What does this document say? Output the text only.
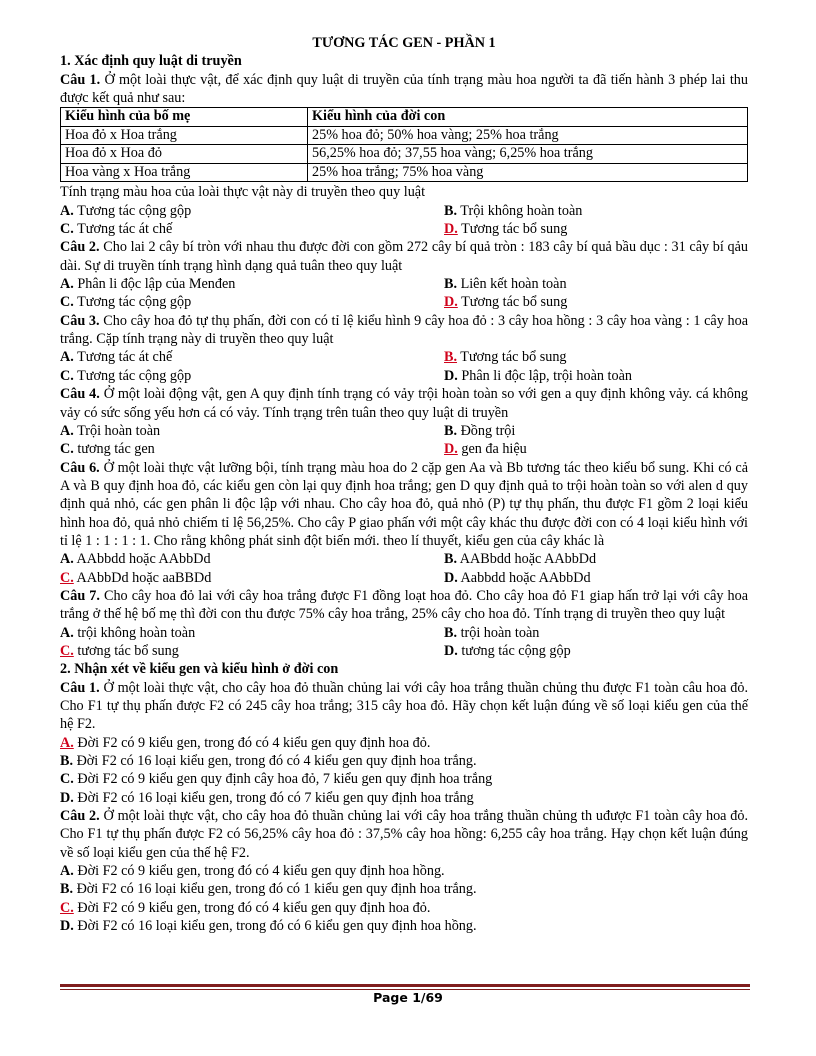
TƯƠNG TÁC GEN - PHẦN 1
1. Xác định quy luật di truyền
Câu 1. Ở một loài thực vật, để xác định quy luật di truyền của tính trạng màu hoa người ta đã tiến hành 3 phép lai thu được kết quả như sau:
Kiểu hình của bố mẹ	Kiểu hình của đời con
Hoa đỏ x Hoa trắng	25% hoa đỏ; 50% hoa vàng; 25% hoa trắng
Hoa đỏ x Hoa đỏ	56,25% hoa đỏ; 37,55 hoa vàng; 6,25% hoa trắng
Hoa vàng x Hoa trắng	25% hoa trắng; 75% hoa vàng
Tính trạng màu hoa của loài thực vật này di truyền theo quy luật
A. Tương tác cộng gộp	B. Trội không hoàn toàn
C. Tương tác át chế	D. Tương tác bổ sung
Câu 2. Cho lai 2 cây bí tròn với nhau thu được đời con gồm 272 cây bí quả tròn : 183 cây bí quả bầu dục : 31 cây bí qảu dài. Sự di truyền tính trạng hình dạng quả tuân theo quy luật
A. Phân li độc lập của Menđen	B. Liên kết hoàn toàn
C. Tương tác cộng gộp	D. Tương tác bổ sung
Câu 3. Cho cây hoa đỏ tự thụ phấn, đời con có tỉ lệ kiểu hình 9 cây hoa đỏ : 3 cây hoa hồng : 3 cây hoa vàng : 1 cây hoa trắng. Cặp tính trạng này di truyền theo quy luật
A. Tương tác át chế	B. Tương tác bổ sung
C. Tương tác cộng gộp	D. Phân li độc lập, trội hoàn toàn
Câu 4. Ở một loài động vật, gen A quy định tính trạng có vảy trội hoàn toàn so với gen a quy định không vảy. cá không vảy có sức sống yếu hơn cá có vảy. Tính trạng trên tuân theo quy luật di truyền
A. Trội hoàn toàn	B. Đồng trội
C. tương tác gen	D. gen đa hiệu
Câu 6. Ở một loài thực vật lưỡng bội, tính trạng màu hoa do 2 cặp gen Aa và Bb tương tác theo kiểu bổ sung. Khi có cả A và B quy định hoa đỏ, các kiểu gen còn lại quy định hoa trắng; gen D quy định quả to trội hoàn toàn so với alen d quy định quả nhỏ, các gen phân li độc lập với nhau. Cho cây hoa đỏ, quả nhỏ (P) tự thụ phấn, thu được F1 gồm 2 loại kiểu hình hoa đỏ, quả nhỏ chiếm tỉ lệ 56,25%. Cho cây P giao phấn với một cây khác thu được đời con có 4 loại kiểu hình với tỉ lệ 1 : 1 : 1 : 1. Cho rằng không phát sinh đột biến mới. theo lí thuyết, kiểu gen của cây khác là
A. AAbbdd hoặc AAbbDd	B. AABbdd hoặc AAbbDd
C. AAbbDd hoặc aaBBDd	D. Aabbdd hoặc AAbbDd
Câu 7. Cho cây hoa đỏ lai với cây hoa trắng được F1 đồng loạt hoa đỏ. Cho cây hoa đỏ F1 giap hấn trở lại với cây hoa trắng ở thế hệ bố mẹ thì đời con thu được 75% cây hoa trắng, 25% cây cho hoa đỏ. Tính trạng di truyền theo quy luật
A. trội không hoàn toàn	B. trội hoàn toàn
C. tương tác bổ sung	D. tương tác cộng gộp
2. Nhận xét về kiểu gen và kiểu hình ở đời con
Câu 1. Ở một loài thực vật, cho cây hoa đỏ thuần chủng lai với cây hoa trắng thuần chủng thu được F1 toàn câu hoa đỏ. Cho F1 tự thụ phấn được F2 có 245 cây hoa trắng; 315 cây hoa đỏ. Hãy chọn kết luận đúng về số loại kiểu gen của thế hệ F2.
A. Đời F2 có 9 kiểu gen, trong đó có 4 kiểu gen quy định hoa đỏ.
B. Đời F2 có 16 loại kiểu gen, trong đó có 4 kiểu gen quy định hoa trắng.
C. Đời F2 có 9 kiểu gen quy định cây hoa đỏ, 7 kiểu gen quy định hoa trắng
D. Đời F2 có 16 loại kiểu gen, trong đó có 7 kiểu gen quy định hoa trắng
Câu 2. Ở một loài thực vật, cho cây hoa đỏ thuần chủng lai với cây hoa trắng thuần chủng th uđược F1 toàn cây hoa đỏ. Cho F1 tự thụ phấn được F2 có 56,25% cây hoa đỏ : 37,5% cây hoa hồng: 6,255 cây hoa trắng. Hạy chọn kết luận đúng về số loại kiểu gen của thế hệ F2.
A. Đời F2 có 9 kiểu gen, trong đó có 4 kiểu gen quy định hoa hồng.
B. Đời F2 có 16 loại kiểu gen, trong đó có 1 kiểu gen quy định hoa trắng.
C. Đời F2 có 9 kiểu gen, trong đó có 4 kiểu gen quy định hoa đỏ.
D. Đời F2 có 16 loại kiểu gen, trong đó có 6 kiểu gen quy định hoa hồng.
Page 1/69
